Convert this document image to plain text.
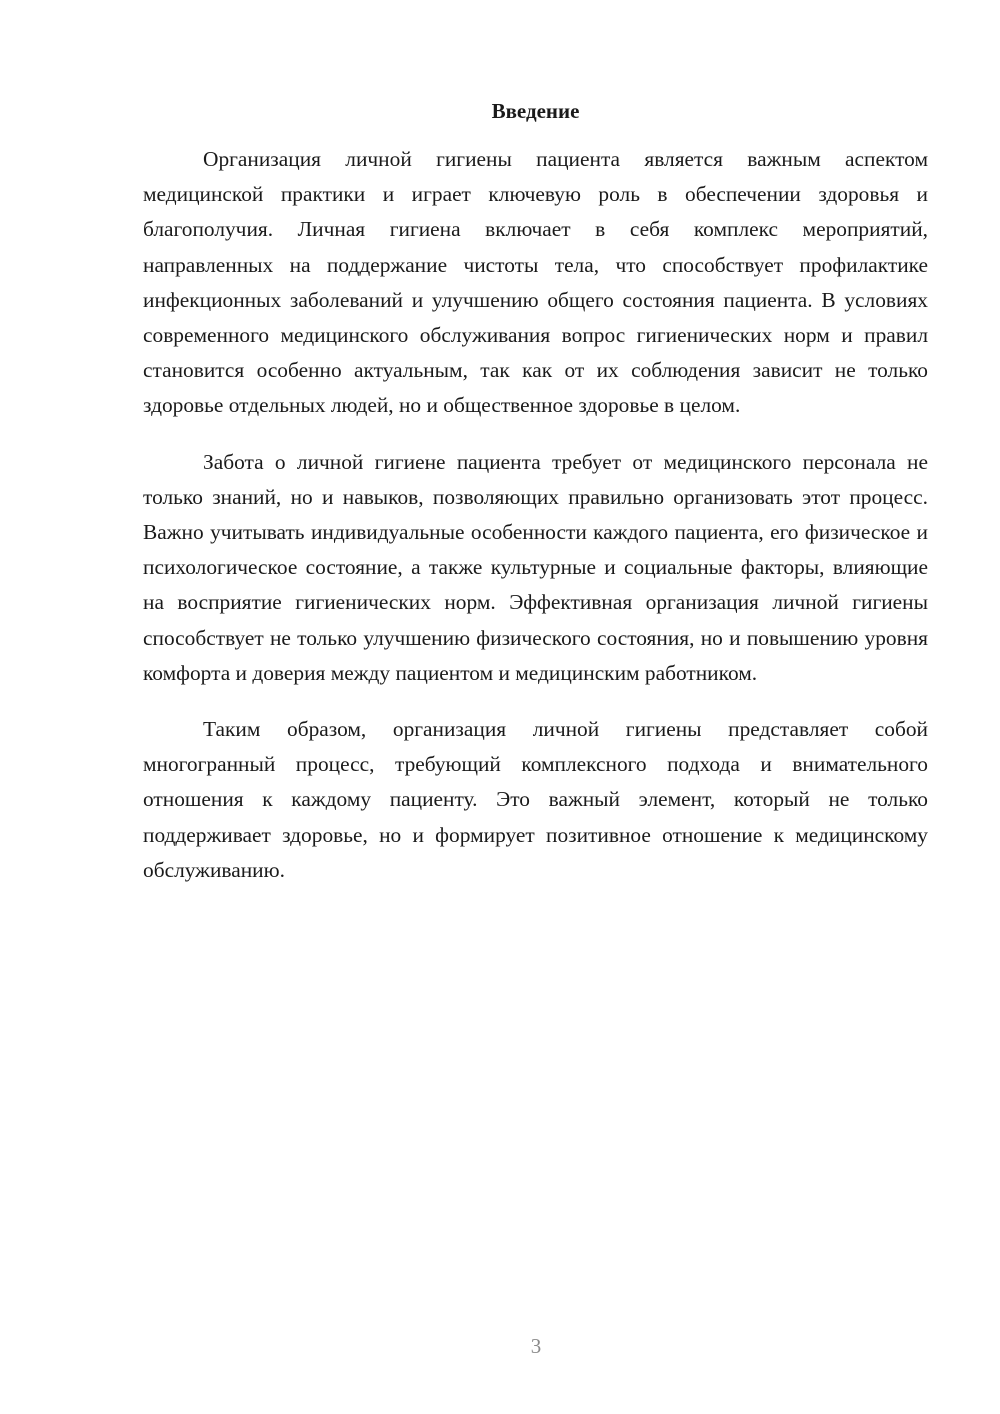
Введение

Организация личной гигиены пациента является важным аспектом медицинской практики и играет ключевую роль в обеспечении здоровья и благополучия. Личная гигиена включает в себя комплекс мероприятий, направленных на поддержание чистоты тела, что способствует профилактике инфекционных заболеваний и улучшению общего состояния пациента. В условиях современного медицинского обслуживания вопрос гигиенических норм и правил становится особенно актуальным, так как от их соблюдения зависит не только здоровье отдельных людей, но и общественное здоровье в целом.

Забота о личной гигиене пациента требует от медицинского персонала не только знаний, но и навыков, позволяющих правильно организовать этот процесс. Важно учитывать индивидуальные особенности каждого пациента, его физическое и психологическое состояние, а также культурные и социальные факторы, влияющие на восприятие гигиенических норм. Эффективная организация личной гигиены способствует не только улучшению физического состояния, но и повышению уровня комфорта и доверия между пациентом и медицинским работником.

Таким образом, организация личной гигиены представляет собой многогранный процесс, требующий комплексного подхода и внимательного отношения к каждому пациенту. Это важный элемент, который не только поддерживает здоровье, но и формирует позитивное отношение к медицинскому обслуживанию.

3
